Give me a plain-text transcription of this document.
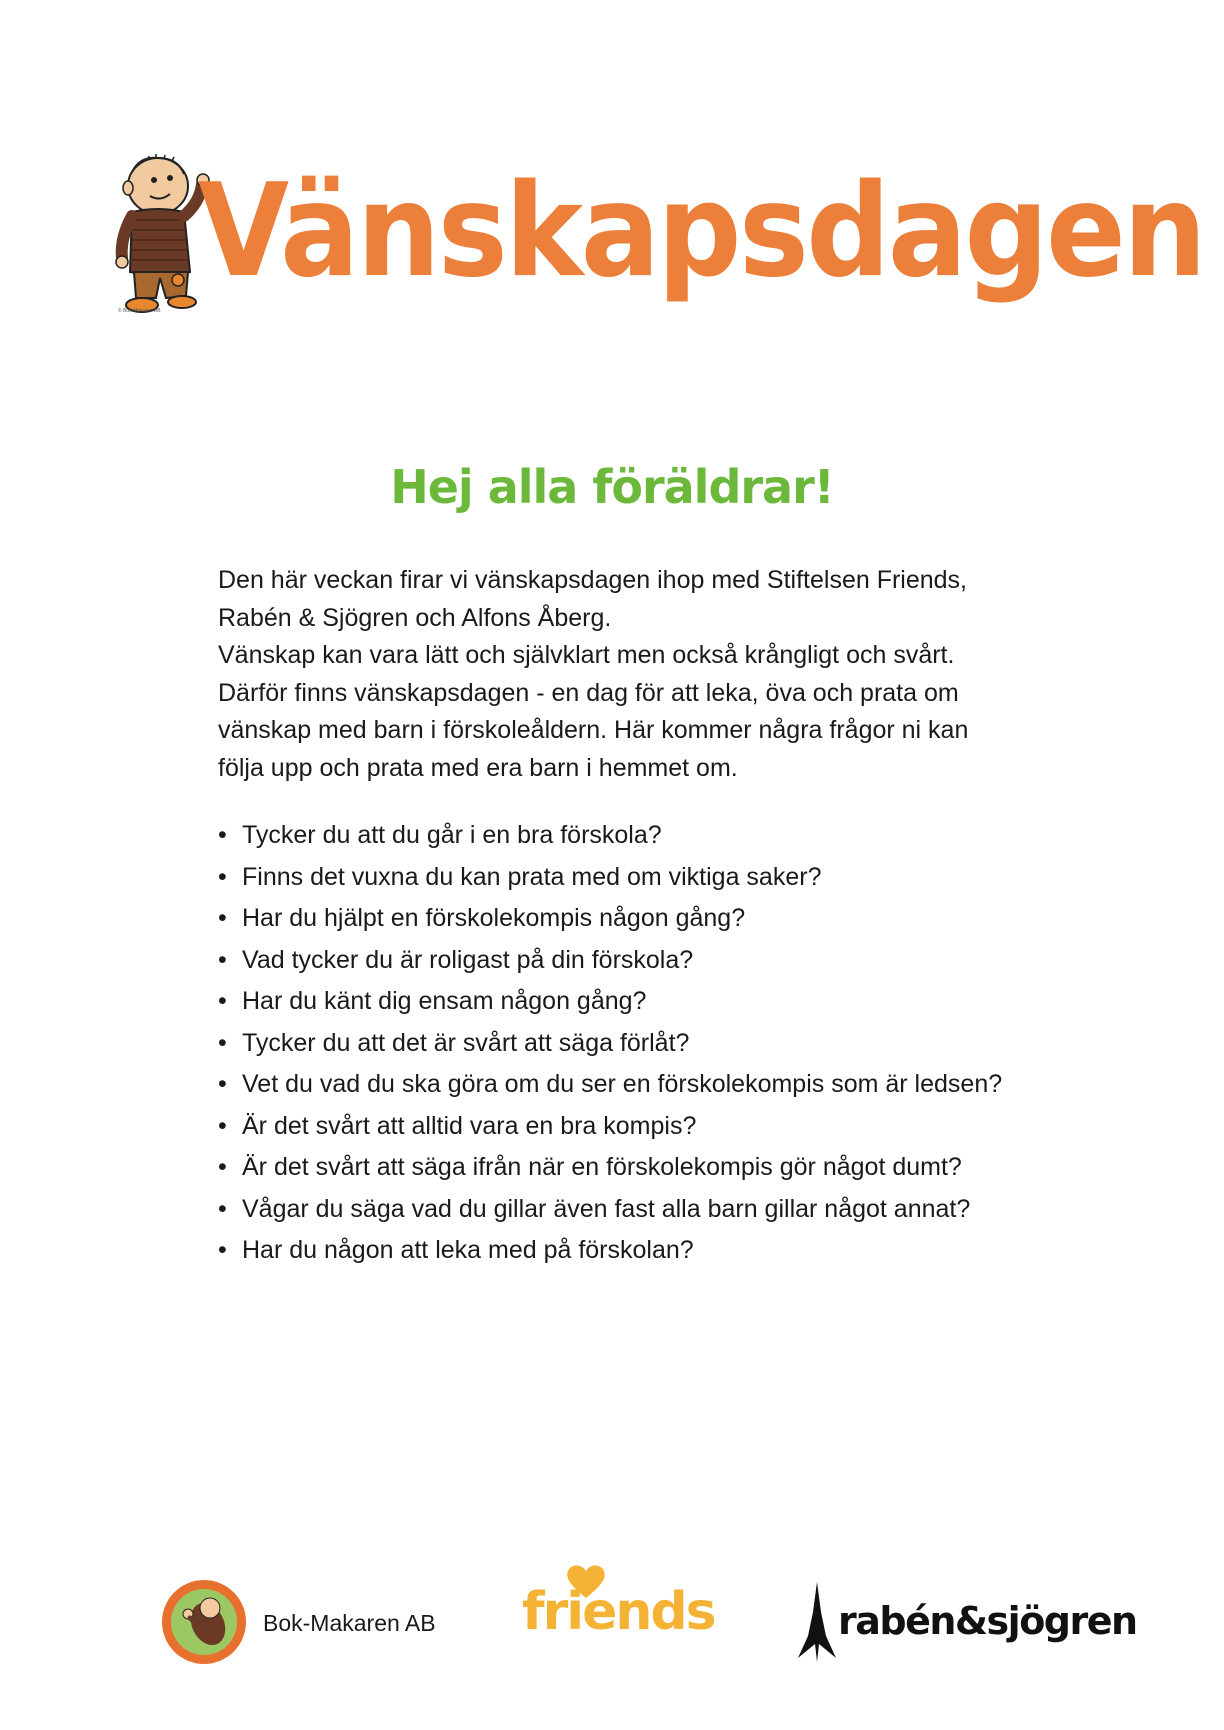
© Bok-Makaren AB
Vänskapsdagen
Hej alla föräldrar!

Den här veckan firar vi vänskapsdagen ihop med Stiftelsen Friends,

Rabén & Sjögren och Alfons Åberg.

Vänskap kan vara lätt och självklart men också krångligt och svårt.

Därför finns vänskapsdagen - en dag för att leka, öva och prata om

vänskap med barn i förskoleåldern. Här kommer några frågor ni kan

följa upp och prata med era barn i hemmet om.

• Tycker du att du går i en bra förskola?
• Finns det vuxna du kan prata med om viktiga saker?
• Har du hjälpt en förskolekompis någon gång?
• Vad tycker du är roligast på din förskola?
• Har du känt dig ensam någon gång?
• Tycker du att det är svårt att säga förlåt?
• Vet du vad du ska göra om du ser en förskolekompis som är ledsen?
• Är det svårt att alltid vara en bra kompis?
• Är det svårt att säga ifrån när en förskolekompis gör något dumt?
• Vågar du säga vad du gillar även fast alla barn gillar något annat?
• Har du någon att leka med på förskolan?
Bok-Makaren AB friends	rabén&sjögren
